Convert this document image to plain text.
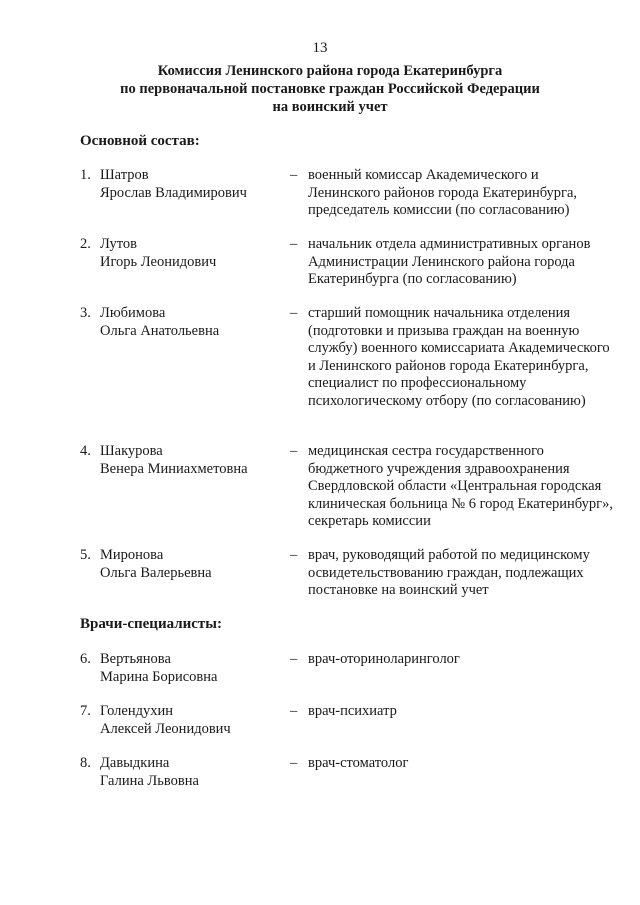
13
Комиссия Ленинского района города Екатеринбурга
по первоначальной постановке граждан Российской Федерации
на воинский учет
Основной состав:
1. Шатров
Ярослав Владимирович
– военный комиссар Академического и Ленинского районов города Екатеринбурга, председатель комиссии (по согласованию)
2. Лутов
Игорь Леонидович
– начальник отдела административных органов Администрации Ленинского района города Екатеринбурга (по согласованию)
3. Любимова
Ольга Анатольевна
– старший помощник начальника отделения (подготовки и призыва граждан на военную службу) военного комиссариата Академического и Ленинского районов города Екатеринбурга, специалист по профессиональному психологическому отбору (по согласованию)
4. Шакурова
Венера Миниахметовна
– медицинская сестра государственного бюджетного учреждения здравоохранения Свердловской области «Центральная городская клиническая больница № 6 город Екатеринбург», секретарь комиссии
5. Миронова
Ольга Валерьевна
– врач, руководящий работой по медицинскому освидетельствованию граждан, подлежащих постановке на воинский учет
Врачи-специалисты:
6. Вертьянова
Марина Борисовна
– врач-оториноларинголог
7. Голендухин
Алексей Леонидович
– врач-психиатр
8. Давыдкина
Галина Львовна
– врач-стоматолог
